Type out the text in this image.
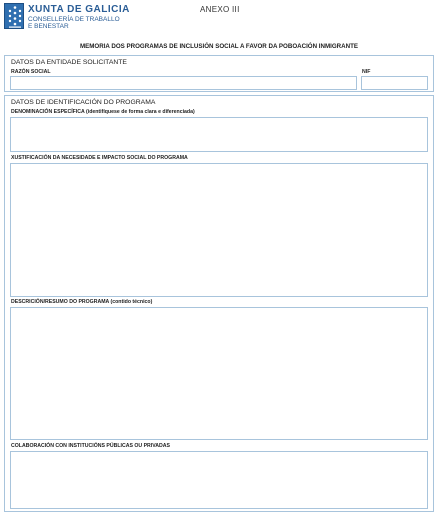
XUNTA DE GALICIA
CONSELLERÍA DE TRABALLO
E BENESTAR
ANEXO III
MEMORIA DOS PROGRAMAS DE INCLUSIÓN SOCIAL A FAVOR DA POBOACIÓN INMIGRANTE
DATOS DA ENTIDADE SOLICITANTE
RAZÓN SOCIAL	NIF
DATOS DE IDENTIFICACIÓN DO PROGRAMA
DENOMINACIÓN ESPECÍFICA (identifíquese de forma clara e diferenciada)
XUSTIFICACIÓN DA NECESIDADE E IMPACTO SOCIAL DO PROGRAMA
DESCRICIÓN/RESUMO DO PROGRAMA (contido técnico)
COLABORACIÓN CON INSTITUCIÓNS PÚBLICAS OU PRIVADAS
